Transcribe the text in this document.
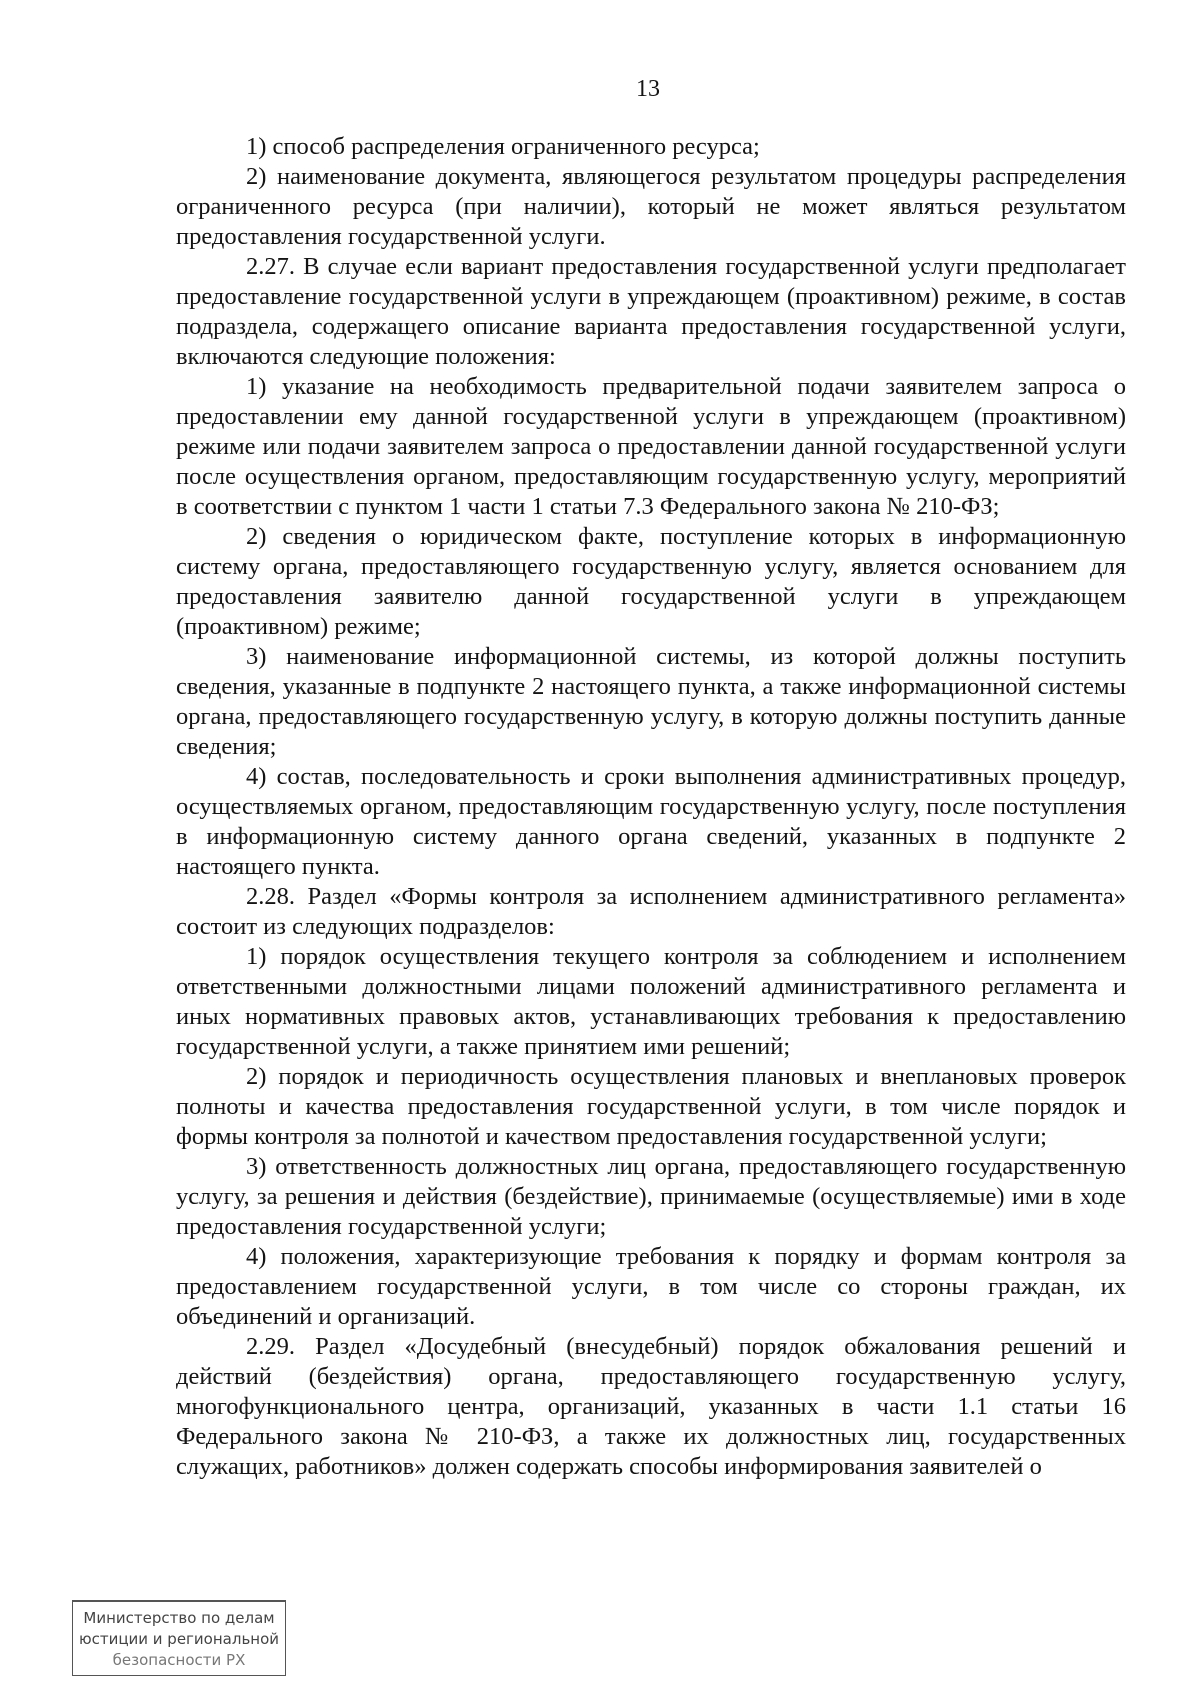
13

1) способ распределения ограниченного ресурса;

2) наименование документа, являющегося результатом процедуры распределения ограниченного ресурса (при наличии), который не может являться результатом предоставления государственной услуги.

2.27. В случае если вариант предоставления государственной услуги предполагает предоставление государственной услуги в упреждающем (проактивном) режиме, в состав подраздела, содержащего описание варианта предоставления государственной услуги, включаются следующие положения:

1) указание на необходимость предварительной подачи заявителем запроса о предоставлении ему данной государственной услуги в упреждающем (проактивном) режиме или подачи заявителем запроса о предоставлении данной государственной услуги после осуществления органом, предоставляющим государственную услугу, мероприятий в соответствии с пунктом 1 части 1 статьи 7.3 Федерального закона № 210-ФЗ;

2) сведения о юридическом факте, поступление которых в информационную систему органа, предоставляющего государственную услугу, является основанием для предоставления заявителю данной государственной услуги в упреждающем (проактивном) режиме;

3) наименование информационной системы, из которой должны поступить сведения, указанные в подпункте 2 настоящего пункта, а также информационной системы органа, предоставляющего государственную услугу, в которую должны поступить данные сведения;

4) состав, последовательность и сроки выполнения административных процедур, осуществляемых органом, предоставляющим государственную услугу, после поступления в информационную систему данного органа сведений, указанных в подпункте 2 настоящего пункта.

2.28. Раздел «Формы контроля за исполнением административного регламента» состоит из следующих подразделов:

1) порядок осуществления текущего контроля за соблюдением и исполнением ответственными должностными лицами положений административного регламента и иных нормативных правовых актов, устанавливающих требования к предоставлению государственной услуги, а также принятием ими решений;

2) порядок и периодичность осуществления плановых и внеплановых проверок полноты и качества предоставления государственной услуги, в том числе порядок и формы контроля за полнотой и качеством предоставления государственной услуги;

3) ответственность должностных лиц органа, предоставляющего государственную услугу, за решения и действия (бездействие), принимаемые (осуществляемые) ими в ходе предоставления государственной услуги;

4) положения, характеризующие требования к порядку и формам контроля за предоставлением государственной услуги, в том числе со стороны граждан, их объединений и организаций.

2.29. Раздел «Досудебный (внесудебный) порядок обжалования решений и действий (бездействия) органа, предоставляющего государственную услугу, многофункционального центра, организаций, указанных в части 1.1 статьи 16 Федерального закона № 210-ФЗ, а также их должностных лиц, государственных служащих, работников» должен содержать способы информирования заявителей о

Министерство по делам
юстиции и региональной
безопасности РХ
